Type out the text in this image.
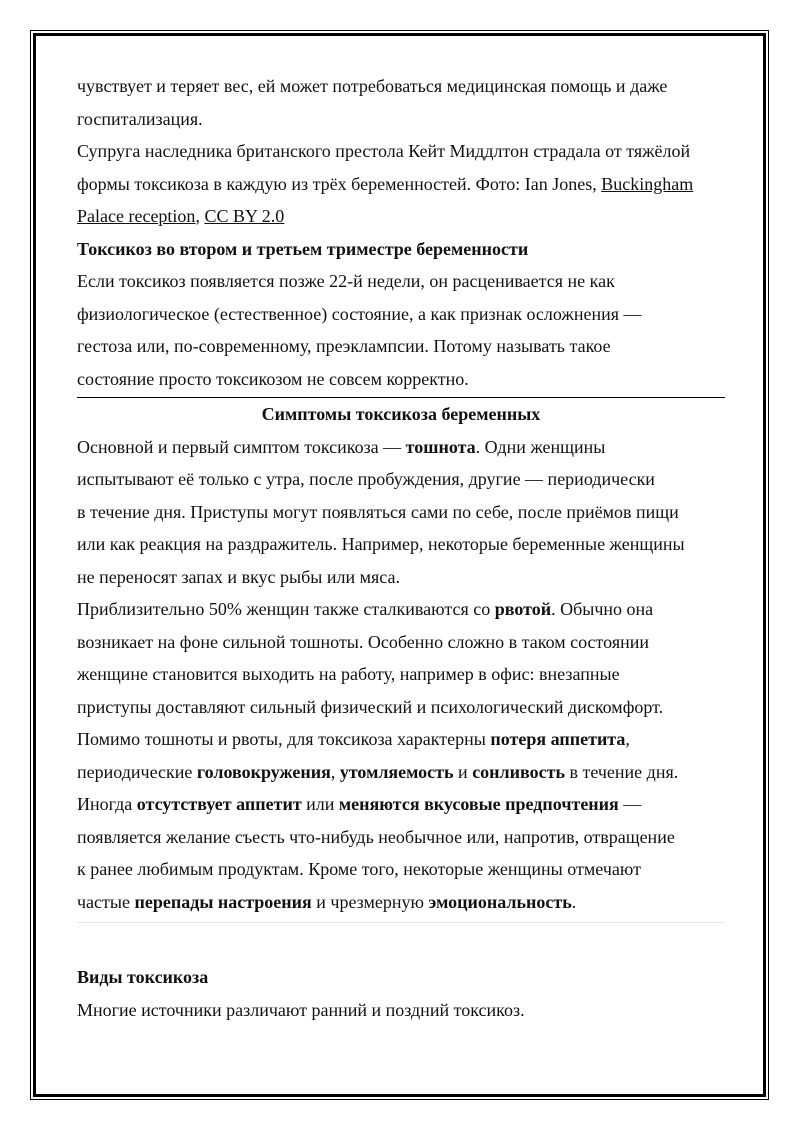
чувствует и теряет вес, ей может потребоваться медицинская помощь и даже
госпитализация.

Супруга наследника британского престола Кейт Миддлтон страдала от тяжёлой
формы токсикоза в каждую из трёх беременностей. Фото: Ian Jones, Buckingham
Palace reception, CC BY 2.0

Токсикоз во втором и третьем триместре беременности

Если токсикоз появляется позже 22-й недели, он расценивается не как
физиологическое (естественное) состояние, а как признак осложнения —
гестоза или, по-современному, преэклампсии. Потому называть такое
состояние просто токсикозом не совсем корректно.

Симптомы токсикоза беременных

Основной и первый симптом токсикоза — тошнота. Одни женщины
испытывают её только с утра, после пробуждения, другие — периодически
в течение дня. Приступы могут появляться сами по себе, после приёмов пищи
или как реакция на раздражитель. Например, некоторые беременные женщины
не переносят запах и вкус рыбы или мяса.

Приблизительно 50% женщин также сталкиваются со рвотой. Обычно она
возникает на фоне сильной тошноты. Особенно сложно в таком состоянии
женщине становится выходить на работу, например в офис: внезапные
приступы доставляют сильный физический и психологический дискомфорт.

Помимо тошноты и рвоты, для токсикоза характерны потеря аппетита,
периодические головокружения, утомляемость и сонливость в течение дня.
Иногда отсутствует аппетит или меняются вкусовые предпочтения —
появляется желание съесть что-нибудь необычное или, напротив, отвращение
к ранее любимым продуктам. Кроме того, некоторые женщины отмечают
частые перепады настроения и чрезмерную эмоциональность.

Виды токсикоза

Многие источники различают ранний и поздний токсикоз.
